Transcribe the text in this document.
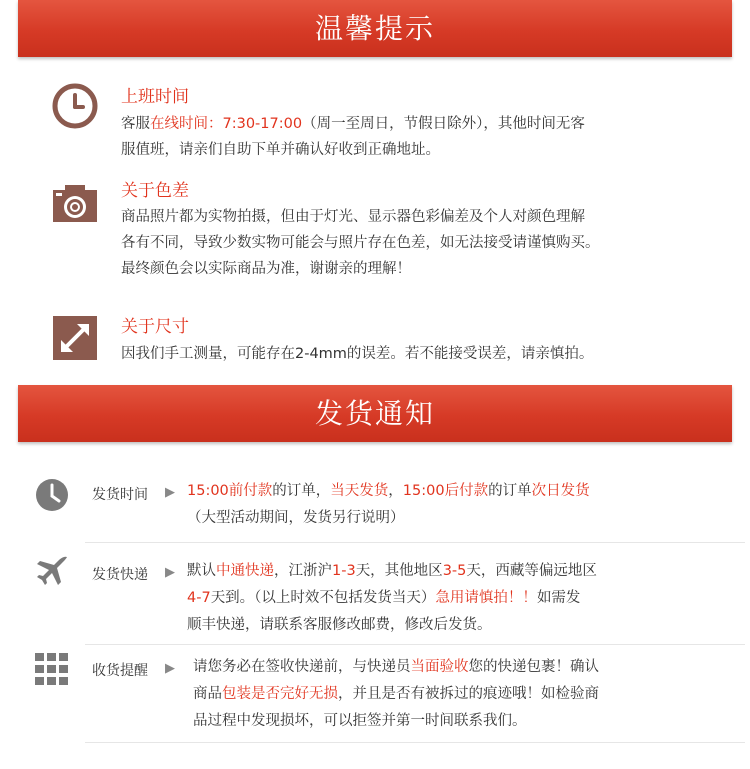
温馨提示
上班时间
客服在线时间：7:30-17:00（周一至周日，节假日除外），其他时间无客
服值班，请亲们自助下单并确认好收到正确地址。
关于色差
商品照片都为实物拍摄，但由于灯光、显示器色彩偏差及个人对颜色理解
各有不同，导致少数实物可能会与照片存在色差，如无法接受请谨慎购买。
最终颜色会以实际商品为准，谢谢亲的理解！
关于尺寸
因我们手工测量，可能存在2-4mm的误差。若不能接受误差，请亲慎拍。
发货通知
发货时间 ▶ 15:00前付款的订单，当天发货，15:00后付款的订单次日发货
（大型活动期间，发货另行说明）
发货快递 ▶ 默认中通快递，江浙沪1-3天，其他地区3-5天，西藏等偏远地区
4-7天到。（以上时效不包括发货当天）急用请慎拍！！如需发
顺丰快递，请联系客服修改邮费，修改后发货。
收货提醒 ▶ 请您务必在签收快递前，与快递员当面验收您的快递包裹！确认
商品包装是否完好无损，并且是否有被拆过的痕迹哦！如检验商
品过程中发现损坏，可以拒签并第一时间联系我们。
